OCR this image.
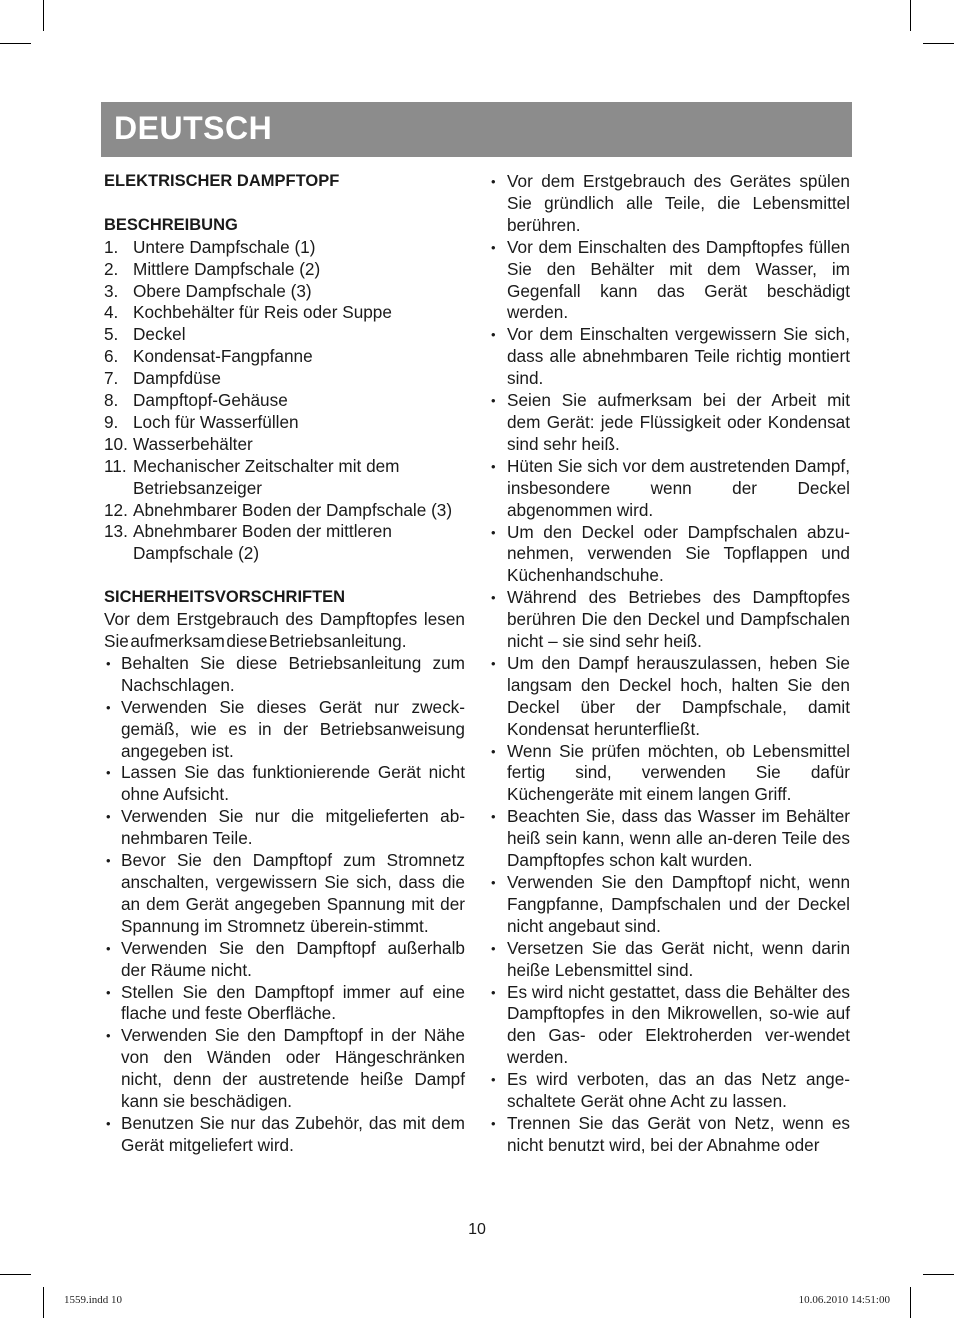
DEUTSCH

ELEKTRISCHER DAMPFTOPF

BESCHREIBUNG

1. Untere Dampfschale (1)
2. Mittlere Dampfschale (2)
3. Obere Dampfschale (3)
4. Kochbehälter für Reis oder Suppe
5. Deckel
6. Kondensat-Fangpfanne
7. Dampfdüse
8. Dampftopf-Gehäuse
9. Loch für Wasserfüllen
10. Wasserbehälter
11. Mechanischer Zeitschalter mit dem Betriebsanzeiger
12. Abnehmbarer Boden der Dampfschale (3)
13. Abnehmbarer Boden der mittleren Dampfschale (2)

SICHERHEITSVORSCHRIFTEN

Vor dem Erstgebrauch des Dampftopfes lesen Sie aufmerksam diese Betriebsanleitung.

• Behalten Sie diese Betriebsanleitung zum Nachschlagen.
• Verwenden Sie dieses Gerät nur zweck-gemäß, wie es in der Betriebsanweisung angegeben ist.
• Lassen Sie das funktionierende Gerät nicht ohne Aufsicht.
• Verwenden Sie nur die mitgelieferten ab-nehmbaren Teile.
• Bevor Sie den Dampftopf zum Stromnetz anschalten, vergewissern Sie sich, dass die an dem Gerät angegeben Spannung mit der Spannung im Stromnetz überein-stimmt.
• Verwenden Sie den Dampftopf außerhalb der Räume nicht.
• Stellen Sie den Dampftopf immer auf eine flache und feste Oberfläche.
• Verwenden Sie den Dampftopf in der Nähe von den Wänden oder Hängeschränken nicht, denn der austretende heiße Dampf kann sie beschädigen.
• Benutzen Sie nur das Zubehör, das mit dem Gerät mitgeliefert wird.
• Vor dem Erstgebrauch des Gerätes spülen Sie gründlich alle Teile, die Lebensmittel berühren.
• Vor dem Einschalten des Dampftopfes füllen Sie den Behälter mit dem Wasser, im Gegenfall kann das Gerät beschädigt werden.
• Vor dem Einschalten vergewissern Sie sich, dass alle abnehmbaren Teile richtig montiert sind.
• Seien Sie aufmerksam bei der Arbeit mit dem Gerät: jede Flüssigkeit oder Kondensat sind sehr heiß.
• Hüten Sie sich vor dem austretenden Dampf, insbesondere wenn der Deckel abgenommen wird.
• Um den Deckel oder Dampfschalen abzu-nehmen, verwenden Sie Topflappen und Küchenhandschuhe.
• Während des Betriebes des Dampftopfes berühren Die den Deckel und Dampfschalen nicht – sie sind sehr heiß.
• Um den Dampf herauszulassen, heben Sie langsam den Deckel hoch, halten Sie den Deckel über der Dampfschale, damit Kondensat herunterfließt.
• Wenn Sie prüfen möchten, ob Lebensmittel fertig sind, verwenden Sie dafür Küchengeräte mit einem langen Griff.
• Beachten Sie, dass das Wasser im Behälter heiß sein kann, wenn alle an-deren Teile des Dampftopfes schon kalt wurden.
• Verwenden Sie den Dampftopf nicht, wenn Fangpfanne, Dampfschalen und der Deckel nicht angebaut sind.
• Versetzen Sie das Gerät nicht, wenn darin heiße Lebensmittel sind.
• Es wird nicht gestattet, dass die Behälter des Dampftopfes in den Mikrowellen, so-wie auf den Gas- oder Elektroherden ver-wendet werden.
• Es wird verboten, das an das Netz ange-schaltete Gerät ohne Acht zu lassen.
• Trennen Sie das Gerät von Netz, wenn es nicht benutzt wird, bei der Abnahme oder
10
1559.indd 10	10.06.2010 14:51:00
